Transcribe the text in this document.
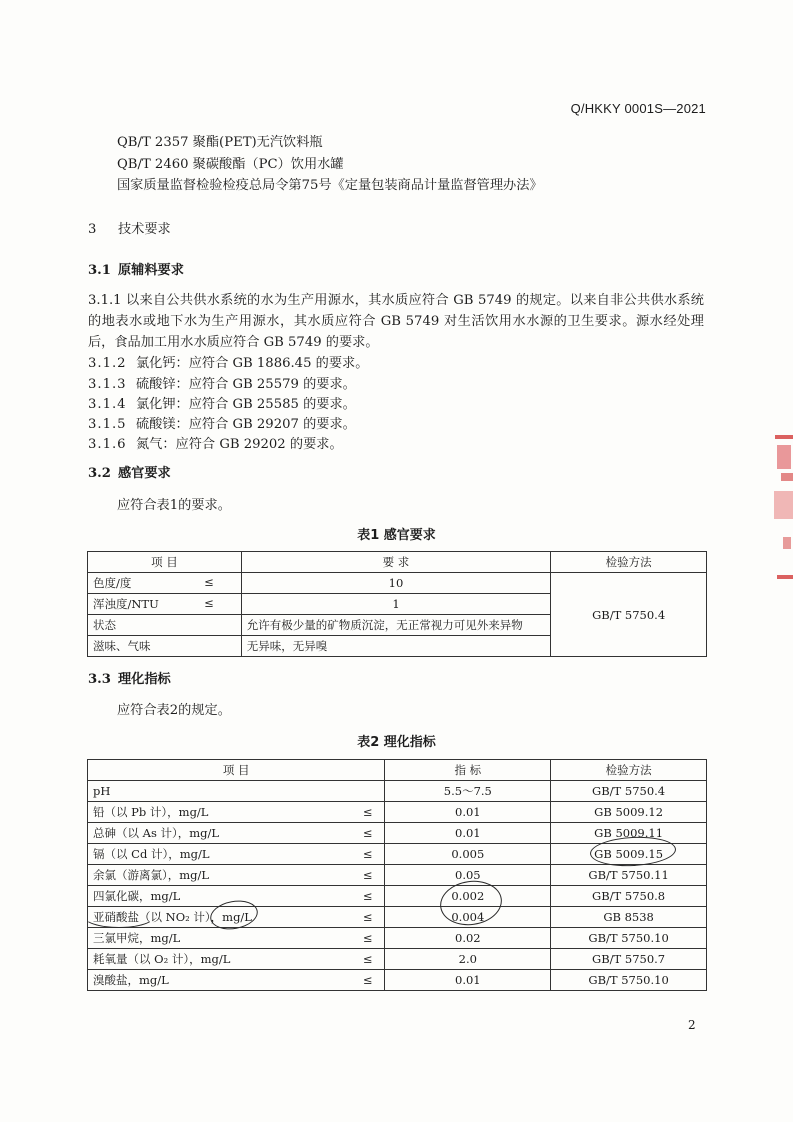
Q/HKKY 0001S—2021
QB/T 2357 聚酯(PET)无汽饮料瓶
QB/T 2460 聚碳酸酯（PC）饮用水罐
国家质量监督检验检疫总局令第75号《定量包装商品计量监督管理办法》
3 技术要求
3.1 原辅料要求
3.1.1 以来自公共供水系统的水为生产用源水，其水质应符合 GB 5749 的规定。以来自非公共供水系统的地表水或地下水为生产用源水，其水质应符合 GB 5749 对生活饮用水水源的卫生要求。源水经处理后，食品加工用水水质应符合 GB 5749 的要求。
3.1.2 氯化钙：应符合 GB 1886.45 的要求。
3.1.3 硫酸锌：应符合 GB 25579 的要求。
3.1.4 氯化钾：应符合 GB 25585 的要求。
3.1.5 硫酸镁：应符合 GB 29207 的要求。
3.1.6 氮气：应符合 GB 29202 的要求。
3.2 感官要求
应符合表1的要求。
表1 感官要求
项 目	要 求	检验方法
色度/度 ≤	10	GB/T 5750.4
浑浊度/NTU ≤	1	
状态	允许有极少量的矿物质沉淀，无正常视力可见外来异物	
滋味、气味	无异味，无异嗅	
3.3 理化指标
应符合表2的规定。
表2 理化指标
项 目		指 标	检验方法
pH		5.5～7.5	GB/T 5750.4
铅（以 Pb 计），mg/L	≤	0.01	GB 5009.12
总砷（以 As 计），mg/L	≤	0.01	GB 5009.11
镉（以 Cd 计），mg/L	≤	0.005	GB 5009.15
余氯（游离氯），mg/L	≤	0.05	GB/T 5750.11
四氯化碳，mg/L	≤	0.002	GB/T 5750.8
亚硝酸盐（以 NO₂ 计），mg/L	≤	0.004	GB 8538
三氯甲烷，mg/L	≤	0.02	GB/T 5750.10
耗氧量（以 O₂ 计），mg/L	≤	2.0	GB/T 5750.7
溴酸盐，mg/L	≤	0.01	GB/T 5750.10
2
